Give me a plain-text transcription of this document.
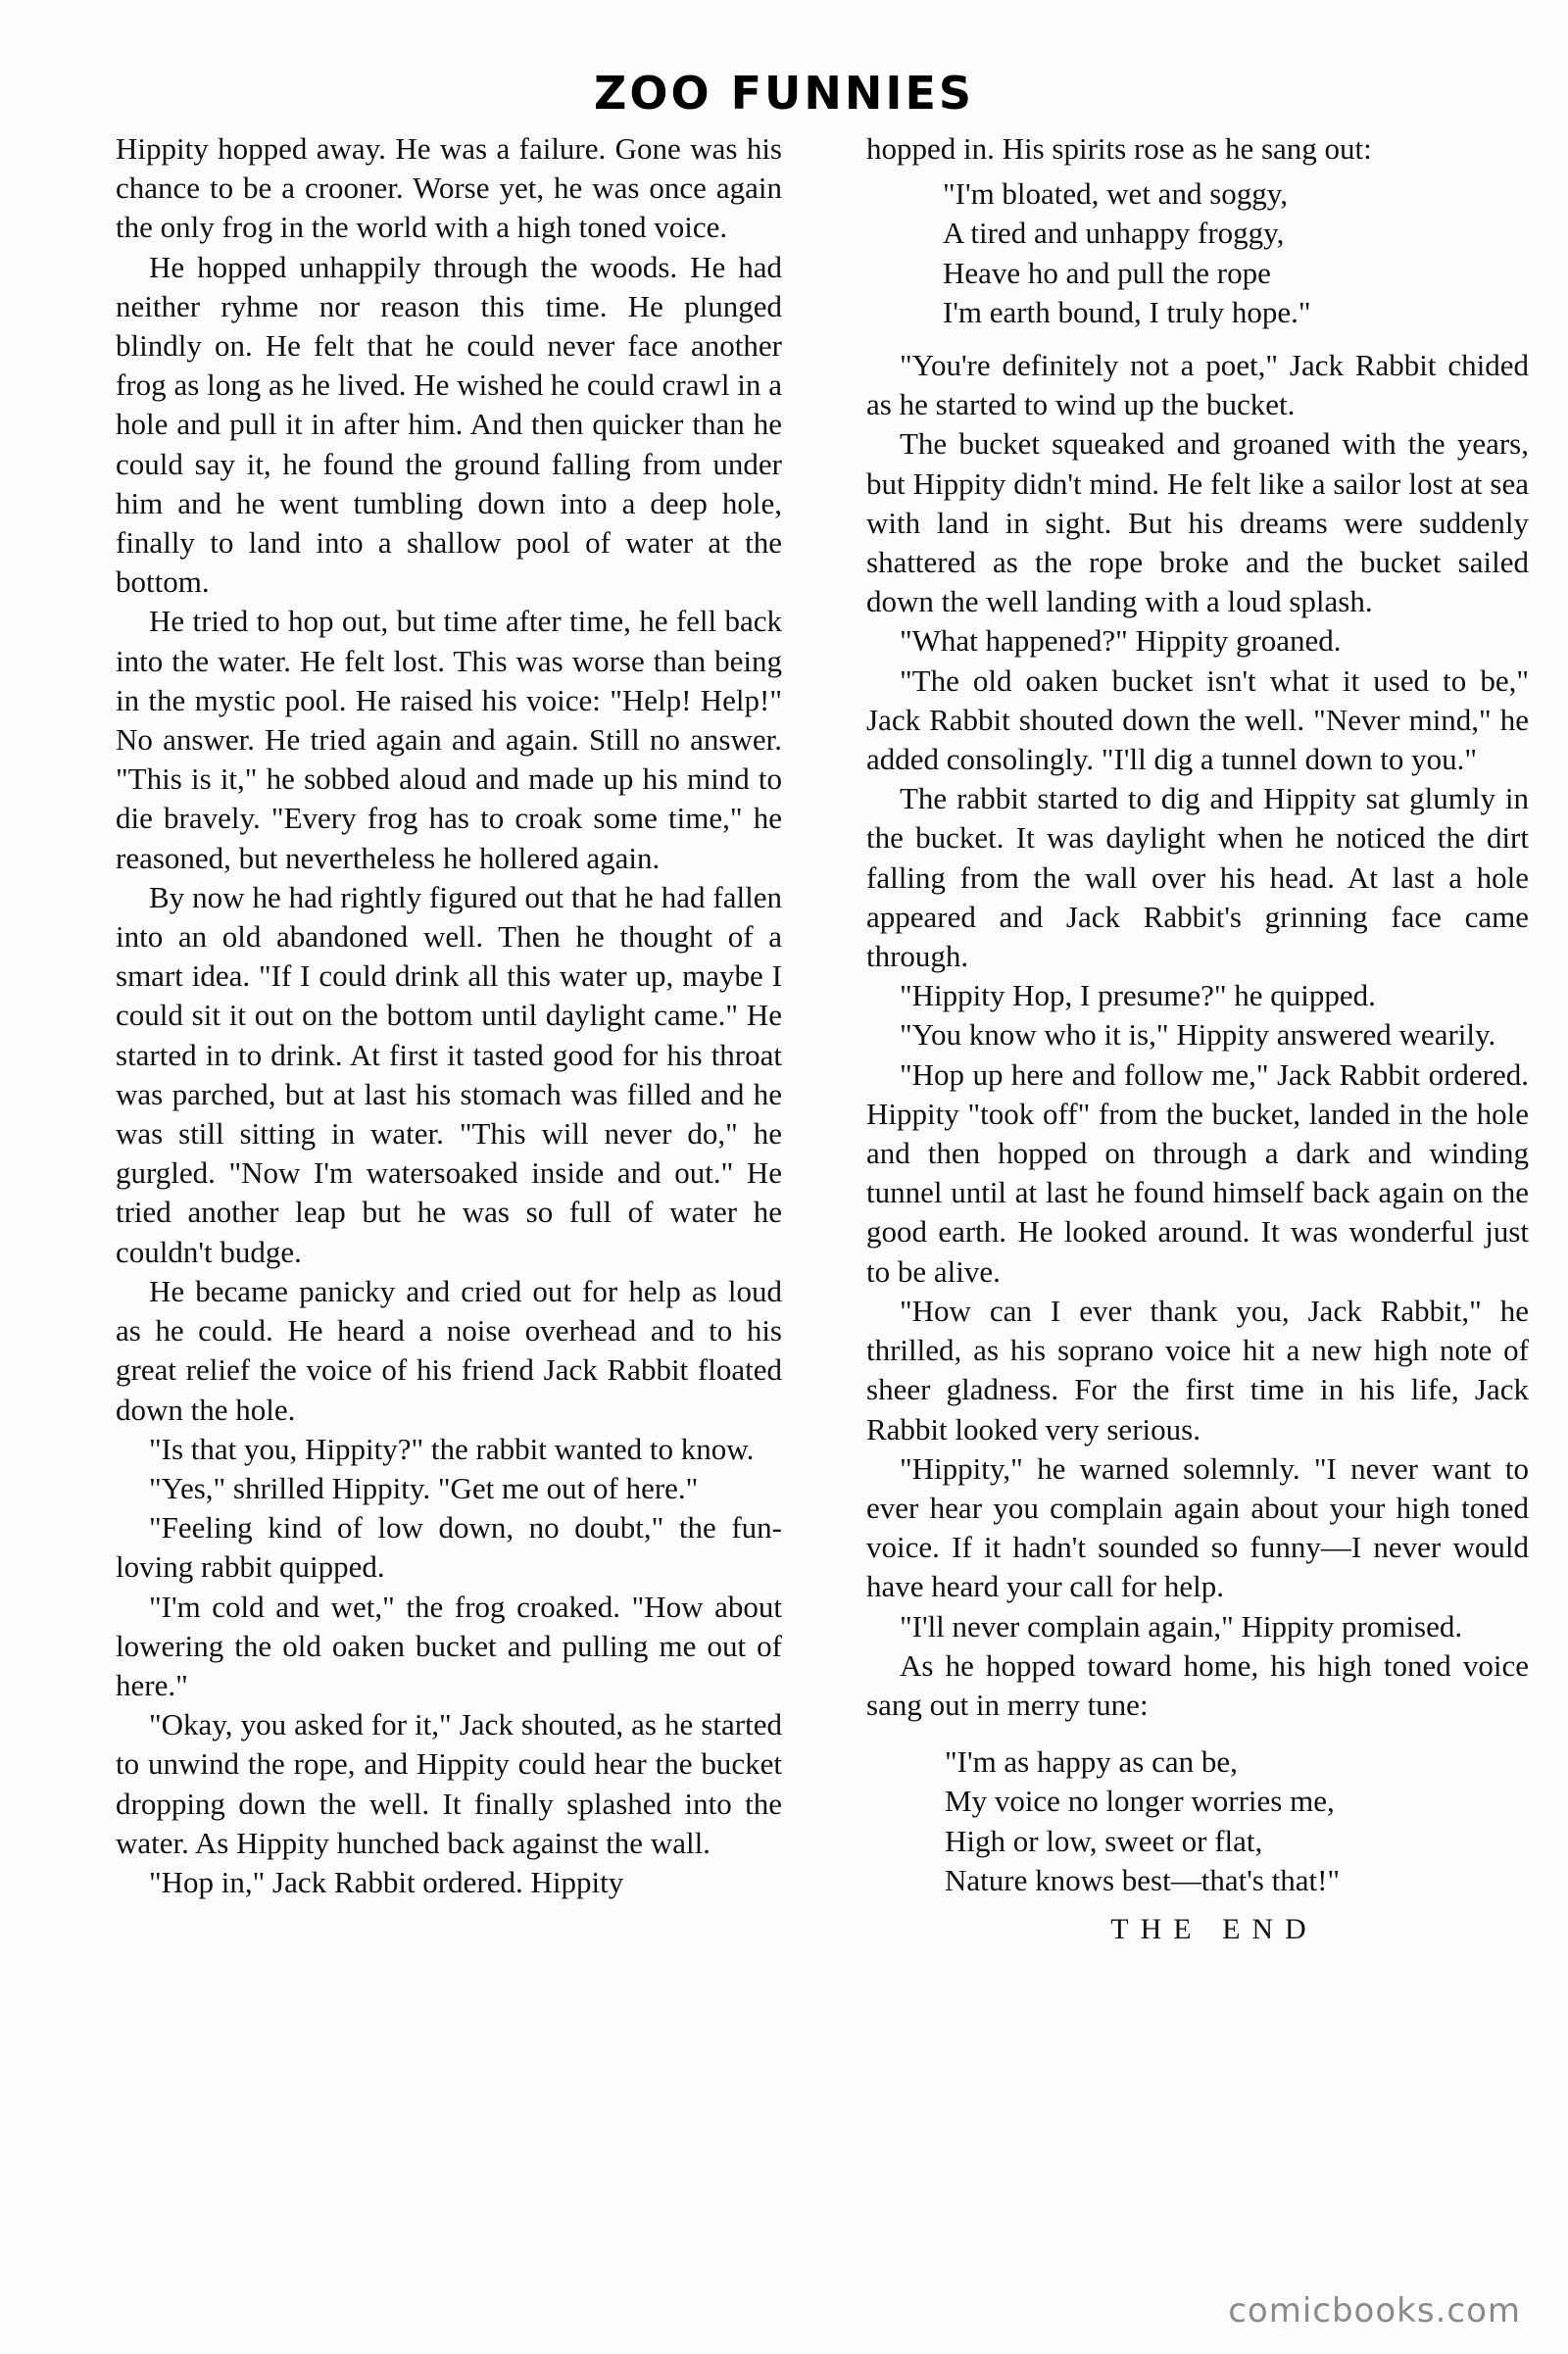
ZOO FUNNIES

Hippity hopped away. He was a failure. Gone was his chance to be a crooner. Worse yet, he was once again the only frog in the world with a high toned voice.

He hopped unhappily through the woods. He had neither ryhme nor reason this time. He plunged blindly on. He felt that he could never face another frog as long as he lived. He wished he could crawl in a hole and pull it in after him. And then quicker than he could say it, he found the ground falling from under him and he went tumbling down into a deep hole, finally to land into a shallow pool of water at the bottom.

He tried to hop out, but time after time, he fell back into the water. He felt lost. This was worse than being in the mystic pool. He raised his voice: "Help! Help!" No answer. He tried again and again. Still no answer. "This is it," he sobbed aloud and made up his mind to die bravely. "Every frog has to croak some time," he reasoned, but nevertheless he hollered again.

By now he had rightly figured out that he had fallen into an old abandoned well. Then he thought of a smart idea. "If I could drink all this water up, maybe I could sit it out on the bottom until daylight came." He started in to drink. At first it tasted good for his throat was parched, but at last his stomach was filled and he was still sitting in water. "This will never do," he gurgled. "Now I'm watersoaked inside and out." He tried another leap but he was so full of water he couldn't budge.

He became panicky and cried out for help as loud as he could. He heard a noise overhead and to his great relief the voice of his friend Jack Rabbit floated down the hole.

"Is that you, Hippity?" the rabbit wanted to know.

"Yes," shrilled Hippity. "Get me out of here."

"Feeling kind of low down, no doubt," the fun-loving rabbit quipped.

"I'm cold and wet," the frog croaked. "How about lowering the old oaken bucket and pulling me out of here."

"Okay, you asked for it," Jack shouted, as he started to unwind the rope, and Hippity could hear the bucket dropping down the well. It finally splashed into the water. As Hippity hunched back against the wall.

"Hop in," Jack Rabbit ordered. Hippity

hopped in. His spirits rose as he sang out:

"I'm bloated, wet and soggy,
A tired and unhappy froggy,
Heave ho and pull the rope
I'm earth bound, I truly hope."

"You're definitely not a poet," Jack Rabbit chided as he started to wind up the bucket.

The bucket squeaked and groaned with the years, but Hippity didn't mind. He felt like a sailor lost at sea with land in sight. But his dreams were suddenly shattered as the rope broke and the bucket sailed down the well landing with a loud splash.

"What happened?" Hippity groaned.

"The old oaken bucket isn't what it used to be," Jack Rabbit shouted down the well. "Never mind," he added consolingly. "I'll dig a tunnel down to you."

The rabbit started to dig and Hippity sat glumly in the bucket. It was daylight when he noticed the dirt falling from the wall over his head. At last a hole appeared and Jack Rabbit's grinning face came through.

"Hippity Hop, I presume?" he quipped.

"You know who it is," Hippity answered wearily.

"Hop up here and follow me," Jack Rabbit ordered. Hippity "took off" from the bucket, landed in the hole and then hopped on through a dark and winding tunnel until at last he found himself back again on the good earth. He looked around. It was wonderful just to be alive.

"How can I ever thank you, Jack Rabbit," he thrilled, as his soprano voice hit a new high note of sheer gladness. For the first time in his life, Jack Rabbit looked very serious.

"Hippity," he warned solemnly. "I never want to ever hear you complain again about your high toned voice. If it hadn't sounded so funny—I never would have heard your call for help.

"I'll never complain again," Hippity promised.

As he hopped toward home, his high toned voice sang out in merry tune:

"I'm as happy as can be,
My voice no longer worries me,
High or low, sweet or flat,
Nature knows best—that's that!"

THE END

comicbooks.com
